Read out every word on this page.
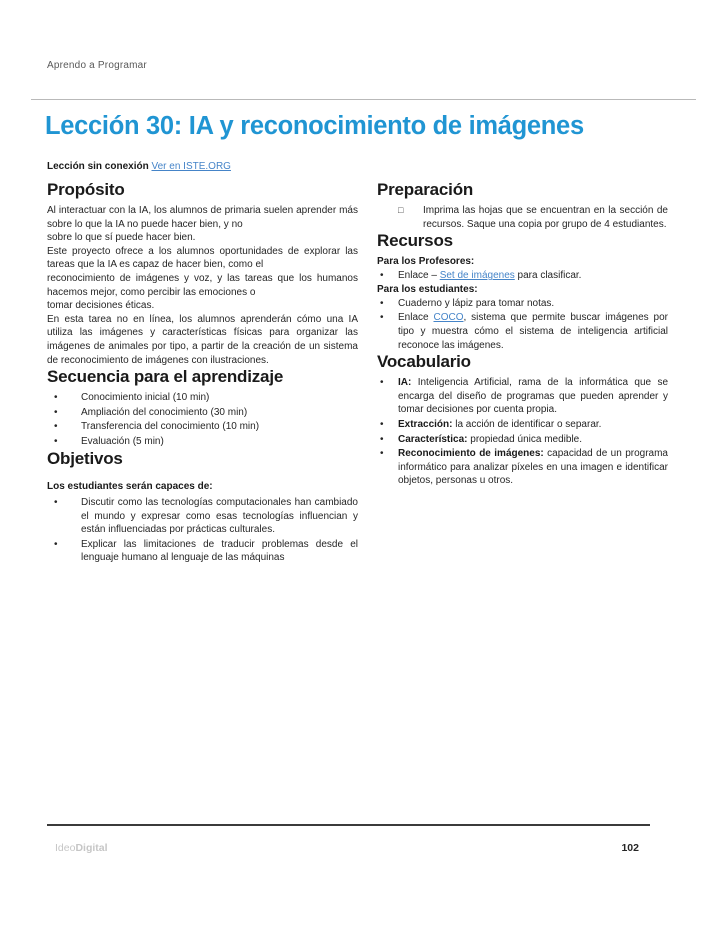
Aprendo a Programar
Lección 30: IA y reconocimiento de imágenes
Lección sin conexión Ver en ISTE.ORG
Propósito

Al interactuar con la IA, los alumnos de primaria suelen aprender más sobre lo que la IA no puede hacer bien, y no

sobre lo que sí puede hacer bien.

Este proyecto ofrece a los alumnos oportunidades de explorar las tareas que la IA es capaz de hacer bien, como el

reconocimiento de imágenes y voz, y las tareas que los humanos hacemos mejor, como percibir las emociones o

tomar decisiones éticas.

En esta tarea no en línea, los alumnos aprenderán cómo una IA utiliza las imágenes y características físicas para organizar las imágenes de animales por tipo, a partir de la creación de un sistema de reconocimiento de imágenes con ilustraciones.

Secuencia para el aprendizaje
•	Conocimiento inicial (10 min)
•	Ampliación del conocimiento (30 min)
•	Transferencia del conocimiento (10 min)
•	Evaluación (5 min)
Objetivos

Los estudiantes serán capaces de:

•	Discutir como las tecnologías computacionales han cambiado el mundo y expresar como esas tecnologías influencian y están influenciadas por prácticas culturales.
•	Explicar las limitaciones de traducir problemas desde el lenguaje humano al lenguaje de las máquinas
Preparación
□	Imprima las hojas que se encuentran en la sección de recursos. Saque una copia por grupo de 4 estudiantes.
Recursos
Para los Profesores:
•	Enlace – Set de imágenes para clasificar.
Para los estudiantes:
•	Cuaderno y lápiz para tomar notas.
•	Enlace COCO, sistema que permite buscar imágenes por tipo y muestra cómo el sistema de inteligencia artificial reconoce las imágenes.
Vocabulario
•	IA: Inteligencia Artificial, rama de la informática que se encarga del diseño de programas que pueden aprender y tomar decisiones por cuenta propia.
•	Extracción: la acción de identificar o separar.
•	Característica: propiedad única medible.
•	Reconocimiento de imágenes: capacidad de un programa informático para analizar píxeles en una imagen e identificar objetos, personas u otros.
IdeoDigital	102
